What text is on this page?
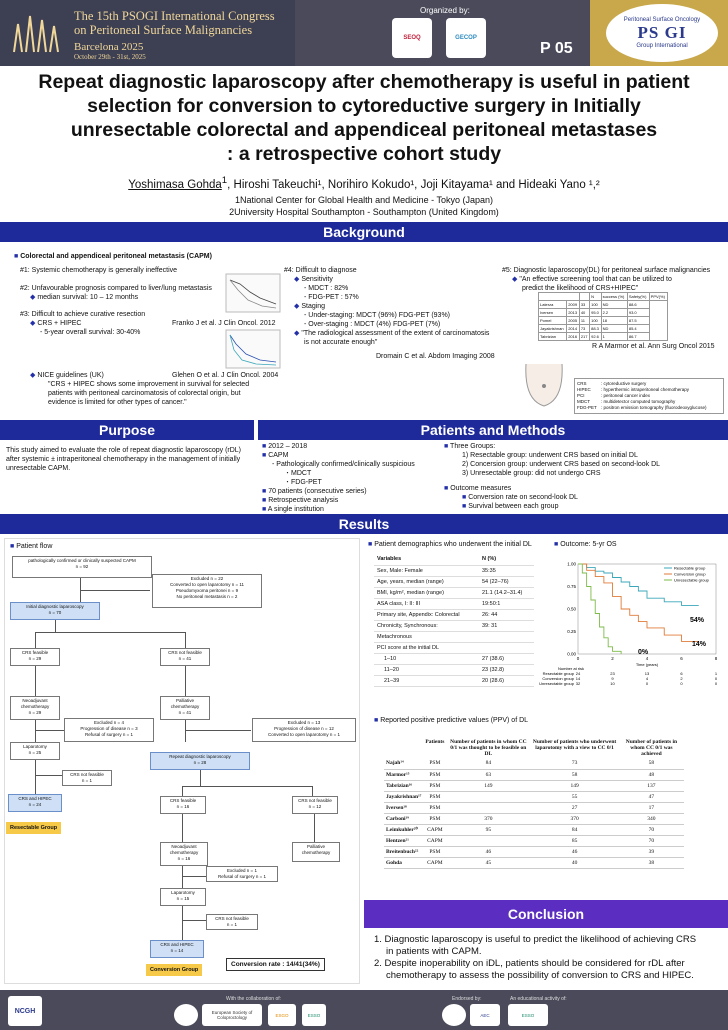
The 15th PSOGI International Congress
on Peritoneal Surface Malignancies
Barcelona 2025
October 29th - 31st, 2025
Organized by:
SEOQ	GECOP
P 05
Peritoneal Surface Oncology
PS GI
Group International
Repeat diagnostic laparoscopy after chemotherapy is useful in patient
selection for conversion to cytoreductive surgery in Initially
unresectable colorectal and appendiceal peritoneal metastases
: a retrospective cohort study
Yoshimasa Gohda$^1$, Hiroshi Takeuchi¹, Norihiro Kokudo¹, Joji Kitayama¹ and Hideaki Yano ¹,²
1National Center for Global Health and Medicine - Tokyo (Japan)
2University Hospital Southampton - Southampton (United Kingdom)
Background
■ Colorectal and appendiceal peritoneal metastasis (CAPM)
#1: Systemic chemotherapy is generally ineffective
#2: Unfavourable prognosis compared to liver/lung metastasis
◆ median survival: 10 – 12 months
#3: Difficult to achieve curative resection
◆ CRS + HIPEC
- 5-year overall survival: 30-40%
Franko J et al. J Clin Oncol. 2012
Glehen O et al. J Clin Oncol. 2004
◆ NICE guidelines (UK)
"CRS + HIPEC shows some improvement in survival for selected
patients with peritoneal carcinomatosis of colorectal origin, but
evidence is limited for other types of cancer."
#4: Difficult to diagnose
◆ Sensitivity
- MDCT : 82%
- FDG-PET : 57%
◆ Staging
- Under-staging: MDCT (96%) FDG-PET (93%)
- Over-staging : MDCT (4%) FDG-PET (7%)
◆ "The radiological assessment of the extent of carcinomatosis
is not accurate enough"
Dromain C et al. Abdom Imaging 2008
#5: Diagnostic laparoscopy(DL) for peritoneal surface malignancies
◆ "An effective screening tool that can be utilized to
predict the likelihood of CRS+HIPEC"
			N	success (%)	Safety(%)	PPV(%)
Laterza	2009	33	100	ND	88.6	
Iversen	2013	40	95.0	2.2	93.0	
Pomel	2005	11	100	18	87.5	
Jayakrishnan	2014	73	88.3	ND	85.4	
Tabrizian	2016	217	92.6	1	86.7	
R A Marmor et al. Ann Surg Oncol 2015
CRS	: cytoreductive surgery
HIPEC : hyperthermic intraperitoneal chemotherapy
PCI	: peritoneal cancer index
MDCT : multidetector computed tomography
FDG-PET : positron emission tomography (fluorodeoxyglucose)
Purpose
This study aimed to evaluate the role of repeat diagnostic laparoscopy (rDL) after systemic ± intraperitoneal chemotherapy in the management of initially unresectable CAPM.
Patients and Methods
■ 2012 – 2018
■ CAPM
- Pathologically confirmed/clinically suspicious
・MDCT
・FDG-PET
■ 70 patients (consecutive series)
■ Retrospective analysis
■ A single institution
■ Three Groups:
1) Resectable group: underwent CRS based on initial DL
2) Concersion group: underwent CRS based on second-look DL
3) Unresectable group: did not undergo CRS
■ Outcome measures
■ Conversion rate on second-look DL
■ Survival between each group
Results
■ Patient flow
pathologically confirmed or clinically suspected CAPM
n = 92
Excluded n = 22
Converted to open laparotomy n = 11
Pseudomyxoma peritonei n = 9
No peritoneal metastasis n = 2
Initial diagnostic laparoscopy
n = 70
CRS feasible
n = 29
CRS not feasible
n = 41
Neoadjuvant
chemotherapy
n = 29
Palliative
chemotherapy
n = 41
Excluded n = 4
Progression of disease n = 3
Refusal of surgery n = 1
Excluded n = 13
Progression of disease n = 12
Converted to open laparotomy n = 1
Laparotomy
n = 25
Repeat diagnostic laparoscopy
n = 28
CRS not feasible
n = 1
CRS and HIPEC
n = 24
Resectable Group
CRS feasible
n = 16
CRS not feasible
n = 12
Neoadjuvant
chemotherapy
n = 16
Palliative
chemotherapy
Excluded n = 1
Refusal of surgery n = 1
Laparotomy
n = 15
CRS not feasible
n = 1
CRS and HIPEC
n = 14
Conversion Group
Conversion rate : 14/41(34%)
■ Patient demographics who underwent the initial DL
Variables	N (%)
Sex, Male: Female	35:35
Age, years, median (range)	54 (22–76)
BMI, kg/m², median (range)	21.1 (14.2–31.4)
ASA class, I: II: III	19:50:1
Primary site, Appendix: Colorectal	26: 44
Chronicity, Synchronous:	39: 31
Metachronous	
PCI score at the initial DL	
1–10	27 (38.6)
11–20	23 (32.8)
21–39	20 (28.6)
■ Outcome: 5-yr OS
1.00
0.75
0.50
0.25
0.00
0	2	4	6	8
Time (years)
Resectable group
Conversion group
Unresectable group
54%
14%
0%
Number at risk
Resectable group 24	23	13	6	1
Conversion group 14	9	4	2	0
Unresectable group 32	10	0	0	0
■ Reported positive predictive values (PPV) of DL
	Patients	Number of patients in whom CC 0/1 was thought to be feasible on DL	Number of patients who underwent laparotomy with a view to CC 0/1	Number of patients in whom CC 0/1 was achieved
Najah¹⁴	PSM	84	73	58
Marmor¹⁵	PSM	63	58	48
Tabrizian¹⁶	PSM	149	149	137
Jayakrishnan¹⁷	PSM		55	47
Iversen¹⁸	PSM		27	17
Carboni¹⁹	PSM	370	370	340
Leimkuhler²⁰	CAPM	95	84	70
Hentzen²¹	CAPM		85	70
Breitenbuch²²	PSM	46	46	39
Gohda	CAPM	45	40	38
Conclusion
1. Diagnostic laparoscopy is useful to predict the likelihood of achieving CRS
in patients with CAPM.
2. Despite inoperability on iDL, patients should be considered for rDL after
chemotherapy to assess the possibility of conversion to CRS and HIPEC.
NCGH
With the collaboration of:
European Society of Coloproctology	ESGO	ESSO
Endorsed by:	An educational activity of:
AEC	ESSO
